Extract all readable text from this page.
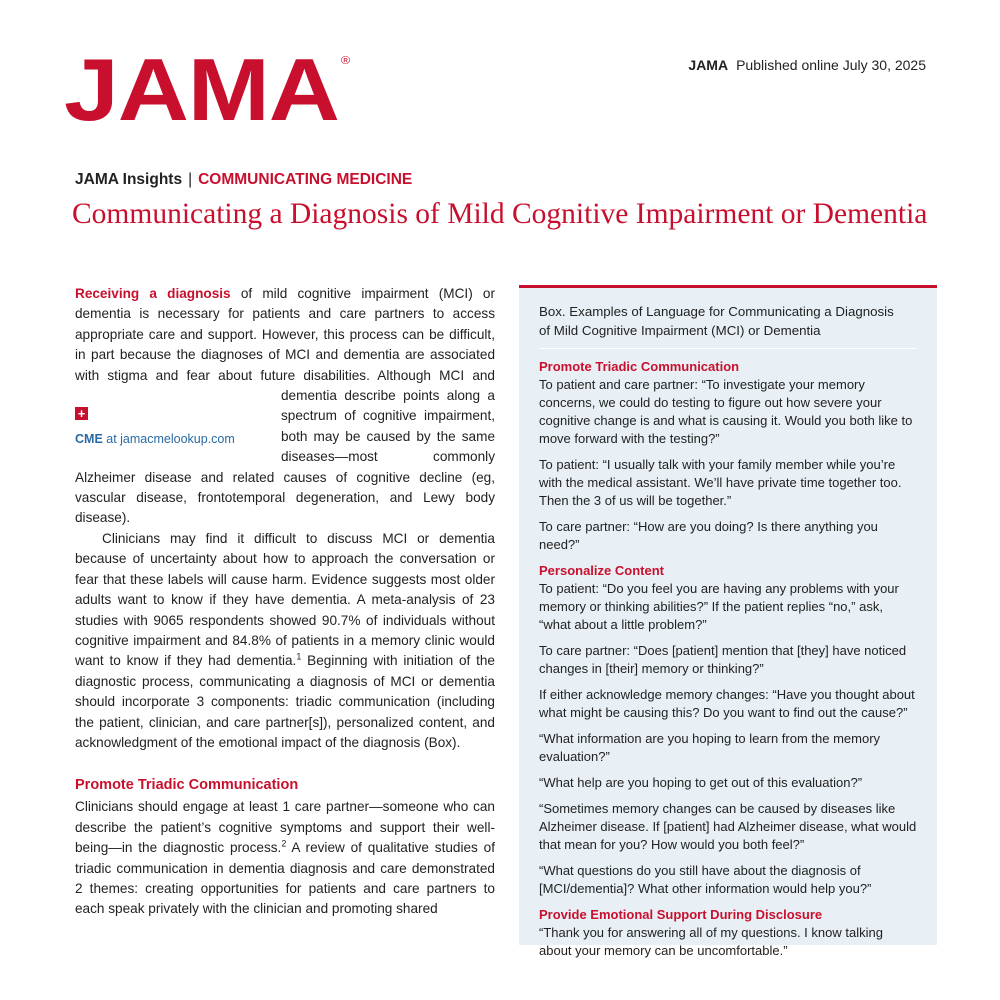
JAMA ®	JAMA Published online July 30, 2025
JAMA Insights | COMMUNICATING MEDICINE
Communicating a Diagnosis of Mild Cognitive Impairment or Dementia

Receiving a diagnosis of mild cognitive impairment (MCI) or dementia is necessary for patients and care partners to access appropriate care and support. However, this process can be difficult, in part because the diagnoses of MCI and dementia are associated with stigma and fear about future disabilities. Although MCI and
+
CME at jamacmelookup.com
dementia describe points along a spectrum of cognitive impairment, both may be caused by the same diseases—most commonly Alzheimer disease and related causes of cognitive decline (eg, vascular disease, frontotemporal degeneration, and Lewy body disease).

Clinicians may find it difficult to discuss MCI or dementia because of uncertainty about how to approach the conversation or fear that these labels will cause harm. Evidence suggests most older adults want to know if they have dementia. A meta-analysis of 23 studies with 9065 respondents showed 90.7% of individuals without cognitive impairment and 84.8% of patients in a memory clinic would want to know if they had dementia.$^1$ Beginning with initiation of the diagnostic process, communicating a diagnosis of MCI or dementia should incorporate 3 components: triadic communication (including the patient, clinician, and care partner[s]), personalized content, and acknowledgment of the emotional impact of the diagnosis (Box).

Promote Triadic Communication

Clinicians should engage at least 1 care partner—someone who can describe the patient’s cognitive symptoms and support their well-being—in the diagnostic process.$^2$ A review of qualitative studies of triadic communication in dementia diagnosis and care demonstrated 2 themes: creating opportunities for patients and care partners to each speak privately with the clinician and promoting shared

Box. Examples of Language for Communicating a Diagnosis
of Mild Cognitive Impairment (MCI) or Dementia
Promote Triadic Communication

To patient and care partner: “To investigate your memory concerns, we could do testing to figure out how severe your cognitive change is and what is causing it. Would you both like to move forward with the testing?”

To patient: “I usually talk with your family member while you’re with the medical assistant. We’ll have private time together too. Then the 3 of us will be together.”

To care partner: “How are you doing? Is there anything you need?”

Personalize Content

To patient: “Do you feel you are having any problems with your memory or thinking abilities?” If the patient replies “no,” ask, “what about a little problem?”

To care partner: “Does [patient] mention that [they] have noticed changes in [their] memory or thinking?”

If either acknowledge memory changes: “Have you thought about what might be causing this? Do you want to find out the cause?”

“What information are you hoping to learn from the memory evaluation?”

“What help are you hoping to get out of this evaluation?”

“Sometimes memory changes can be caused by diseases like Alzheimer disease. If [patient] had Alzheimer disease, what would that mean for you? How would you both feel?”

“What questions do you still have about the diagnosis of [MCI/dementia]? What other information would help you?”

Provide Emotional Support During Disclosure

“Thank you for answering all of my questions. I know talking about your memory can be uncomfortable.”
